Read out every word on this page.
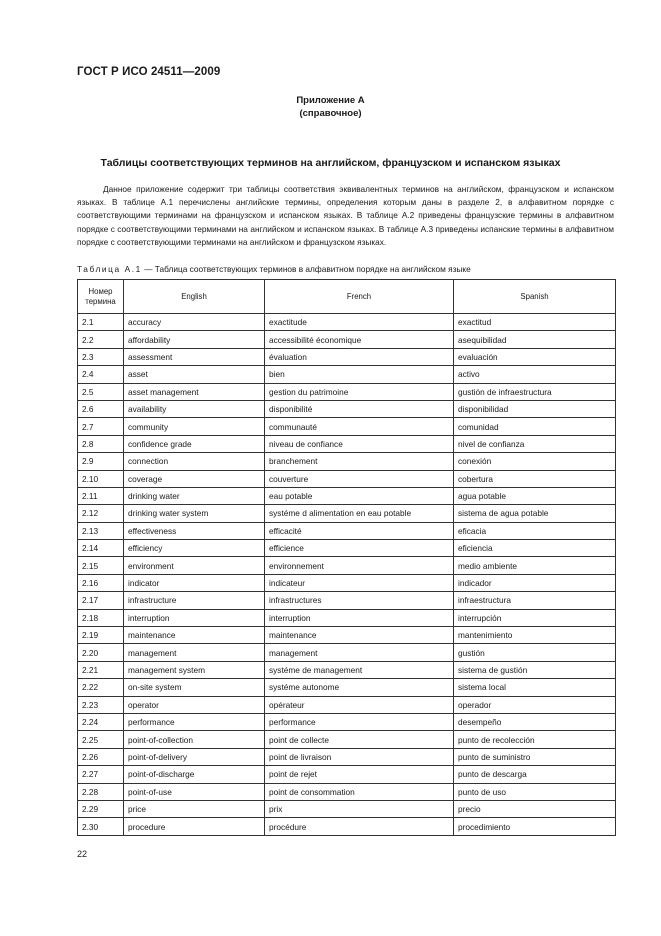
ГОСТ Р ИСО 24511—2009
Приложение А
(справочное)
Таблицы соответствующих терминов на английском, французском и испанском языках
Данное приложение содержит три таблицы соответствия эквивалентных терминов на английском, французском и испанском языках. В таблице А.1 перечислены английские термины, определения которым даны в разделе 2, в алфавитном порядке с соответствующими терминами на французском и испанском языках. В таблице А.2 приведены французские термины в алфавитном порядке с соответствующими терминами на английском и испанском языках. В таблице А.3 приведены испанские термины в алфавитном порядке с соответствующими терминами на английском и французском языках.
Таблица А.1 — Таблица соответствующих терминов в алфавитном порядке на английском языке
Номер термина	English	French	Spanish
2.1	accuracy	exactitude	exactitud
2.2	affordability	accessibilité économique	asequibilidad
2.3	assessment	évaluation	evaluación
2.4	asset	bien	activo
2.5	asset management	gestion du patrimoine	gustión de infraestructura
2.6	availability	disponibilité	disponibilidad
2.7	community	communauté	comunidad
2.8	confidence grade	niveau de confiance	nivel de confianza
2.9	connection	branchement	conexión
2.10	coverage	couverture	cobertura
2.11	drinking water	eau potable	agua potable
2.12	drinking water system	systéme d alimentation en eau potable	sistema de agua potable
2.13	effectiveness	efficacité	eficacia
2.14	efficiency	efficience	eficiencia
2.15	environment	environnement	medio ambiente
2.16	indicator	indicateur	indicador
2.17	infrastructure	infrastructures	infraestructura
2.18	interruption	interruption	interrupción
2.19	maintenance	maintenance	mantenimiento
2.20	management	management	gustión
2.21	management system	systéme de management	sistema de gustión
2.22	on-site system	systéme autonome	sistema local
2.23	operator	opérateur	operador
2.24	performance	performance	desempeño
2.25	point-of-collection	point de collecte	punto de recolección
2.26	point-of-delivery	point de livraison	punto de suministro
2.27	point-of-discharge	point de rejet	punto de descarga
2.28	point-of-use	point de consommation	punto de uso
2.29	price	prix	precio
2.30	procedure	procédure	procedimiento
22
